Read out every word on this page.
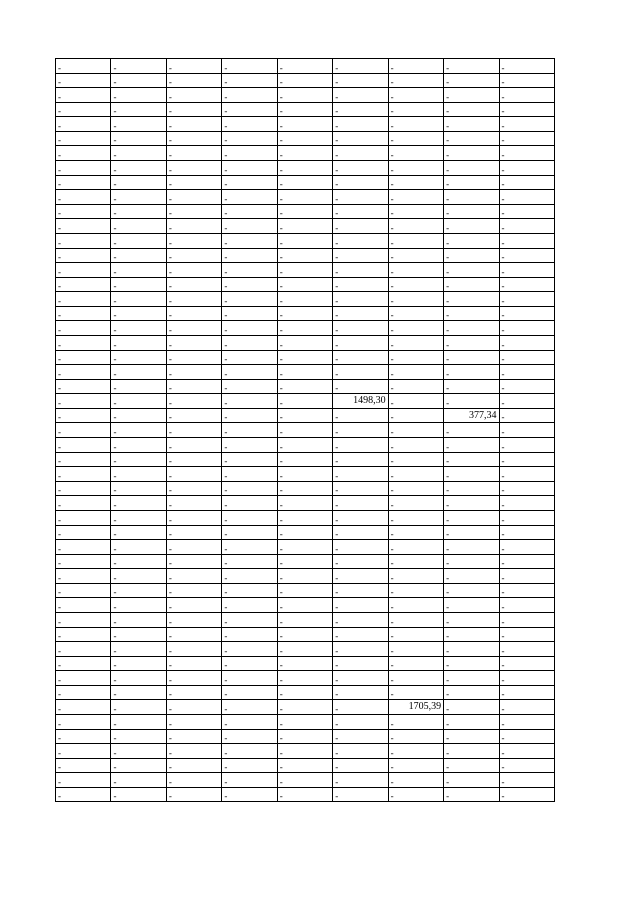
-	-	-	-	-	-	-	-	-
-	-	-	-	-	-	-	-	-
-	-	-	-	-	-	-	-	-
-	-	-	-	-	-	-	-	-
-	-	-	-	-	-	-	-	-
-	-	-	-	-	-	-	-	-
-	-	-	-	-	-	-	-	-
-	-	-	-	-	-	-	-	-
-	-	-	-	-	-	-	-	-
-	-	-	-	-	-	-	-	-
-	-	-	-	-	-	-	-	-
-	-	-	-	-	-	-	-	-
-	-	-	-	-	-	-	-	-
-	-	-	-	-	-	-	-	-
-	-	-	-	-	-	-	-	-
-	-	-	-	-	-	-	-	-
-	-	-	-	-	-	-	-	-
-	-	-	-	-	-	-	-	-
-	-	-	-	-	-	-	-	-
-	-	-	-	-	-	-	-	-
-	-	-	-	-	-	-	-	-
-	-	-	-	-	-	-	-	-
-	-	-	-	-	-	-	-	-
-	-	-	-	-	1498,30	-	-	-
-	-	-	-	-	-	-	377,34	-
-	-	-	-	-	-	-	-	-
-	-	-	-	-	-	-	-	-
-	-	-	-	-	-	-	-	-
-	-	-	-	-	-	-	-	-
-	-	-	-	-	-	-	-	-
-	-	-	-	-	-	-	-	-
-	-	-	-	-	-	-	-	-
-	-	-	-	-	-	-	-	-
-	-	-	-	-	-	-	-	-
-	-	-	-	-	-	-	-	-
-	-	-	-	-	-	-	-	-
-	-	-	-	-	-	-	-	-
-	-	-	-	-	-	-	-	-
-	-	-	-	-	-	-	-	-
-	-	-	-	-	-	-	-	-
-	-	-	-	-	-	-	-	-
-	-	-	-	-	-	-	-	-
-	-	-	-	-	-	-	-	-
-	-	-	-	-	-	-	-	-
-	-	-	-	-	-	1705,39	-	-
-	-	-	-	-	-	-	-	-
-	-	-	-	-	-	-	-	-
-	-	-	-	-	-	-	-	-
-	-	-	-	-	-	-	-	-
-	-	-	-	-	-	-	-	-
-	-	-	-	-	-	-	-	-
